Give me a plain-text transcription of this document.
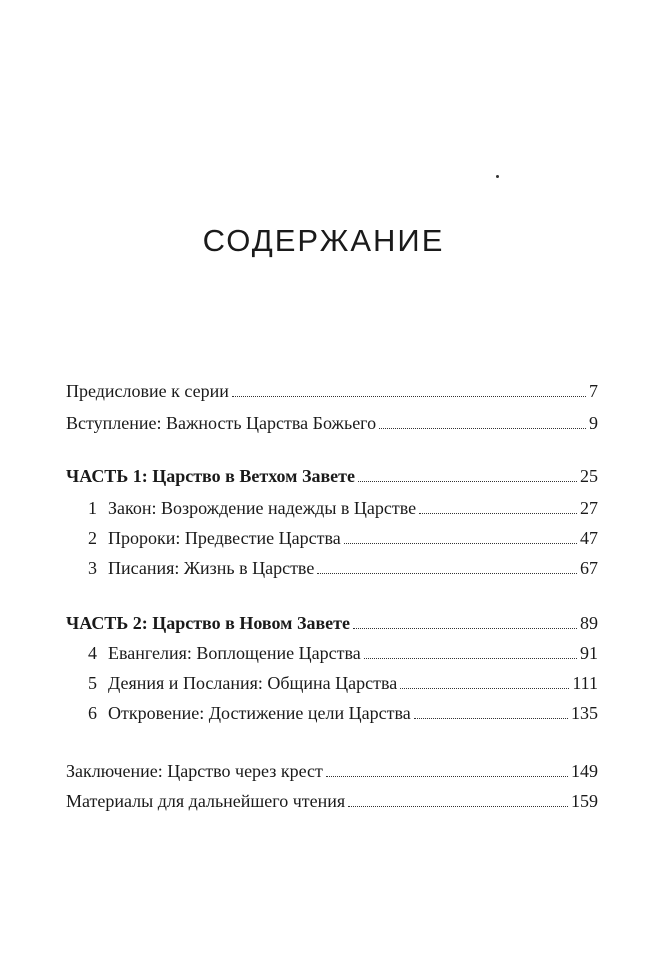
СОДЕРЖАНИЕ
Предисловие к серии	7
Вступление: Важность Царства Божьего	9
ЧАСТЬ 1: Царство в Ветхом Завете	25
1 Закон: Возрождение надежды в Царстве	27
2 Пророки: Предвестие Царства	47
3 Писания: Жизнь в Царстве	67
ЧАСТЬ 2: Царство в Новом Завете	89
4 Евангелия: Воплощение Царства	91
5 Деяния и Послания: Община Царства	111
6 Откровение: Достижение цели Царства	135
Заключение: Царство через крест	149
Материалы для дальнейшего чтения	159
